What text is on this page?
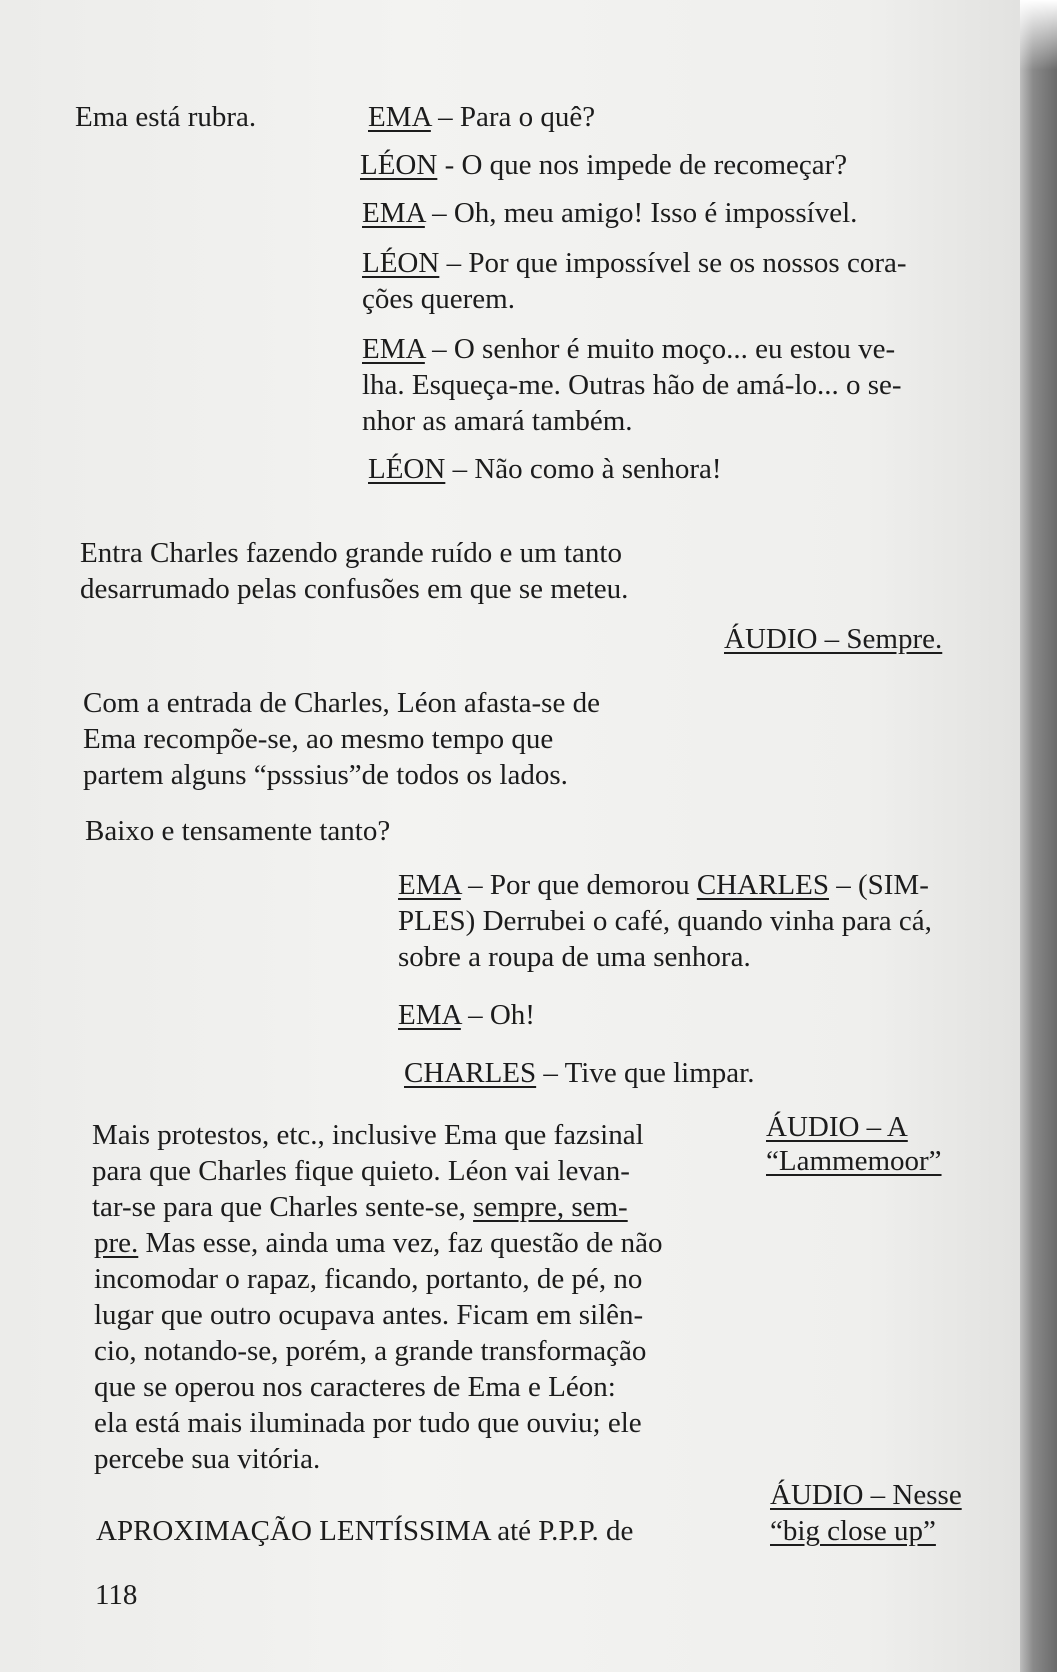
Ema está rubra.	EMA – Para o quê?
LÉON - O que nos impede de recomeçar?
EMA – Oh, meu amigo! Isso é impossível.
LÉON – Por que impossível se os nossos cora-
ções querem.
EMA – O senhor é muito moço... eu estou ve-
lha. Esqueça-me. Outras hão de amá-lo... o se-
nhor as amará também.
LÉON – Não como à senhora!
Entra Charles fazendo grande ruído e um tanto
desarrumado pelas confusões em que se meteu.
ÁUDIO – Sempre.
Com a entrada de Charles, Léon afasta-se de
Ema recompõe-se, ao mesmo tempo que
partem alguns “psssius”de todos os lados.
Baixo e tensamente tanto?
EMA – Por que demorou CHARLES – (SIM-
PLES) Derrubei o café, quando vinha para cá,
sobre a roupa de uma senhora.
EMA – Oh!
CHARLES – Tive que limpar.
Mais protestos, etc., inclusive Ema que fazsinal	ÁUDIO – A
para que Charles fique quieto. Léon vai levan-	“Lammemoor”
tar-se para que Charles sente-se, sempre, sem-
pre. Mas esse, ainda uma vez, faz questão de não
incomodar o rapaz, ficando, portanto, de pé, no
lugar que outro ocupava antes. Ficam em silên-
cio, notando-se, porém, a grande transformação
que se operou nos caracteres de Ema e Léon:
ela está mais iluminada por tudo que ouviu; ele
percebe sua vitória.
ÁUDIO – Nesse
APROXIMAÇÃO LENTÍSSIMA até P.P.P. de	“big close up”
118
